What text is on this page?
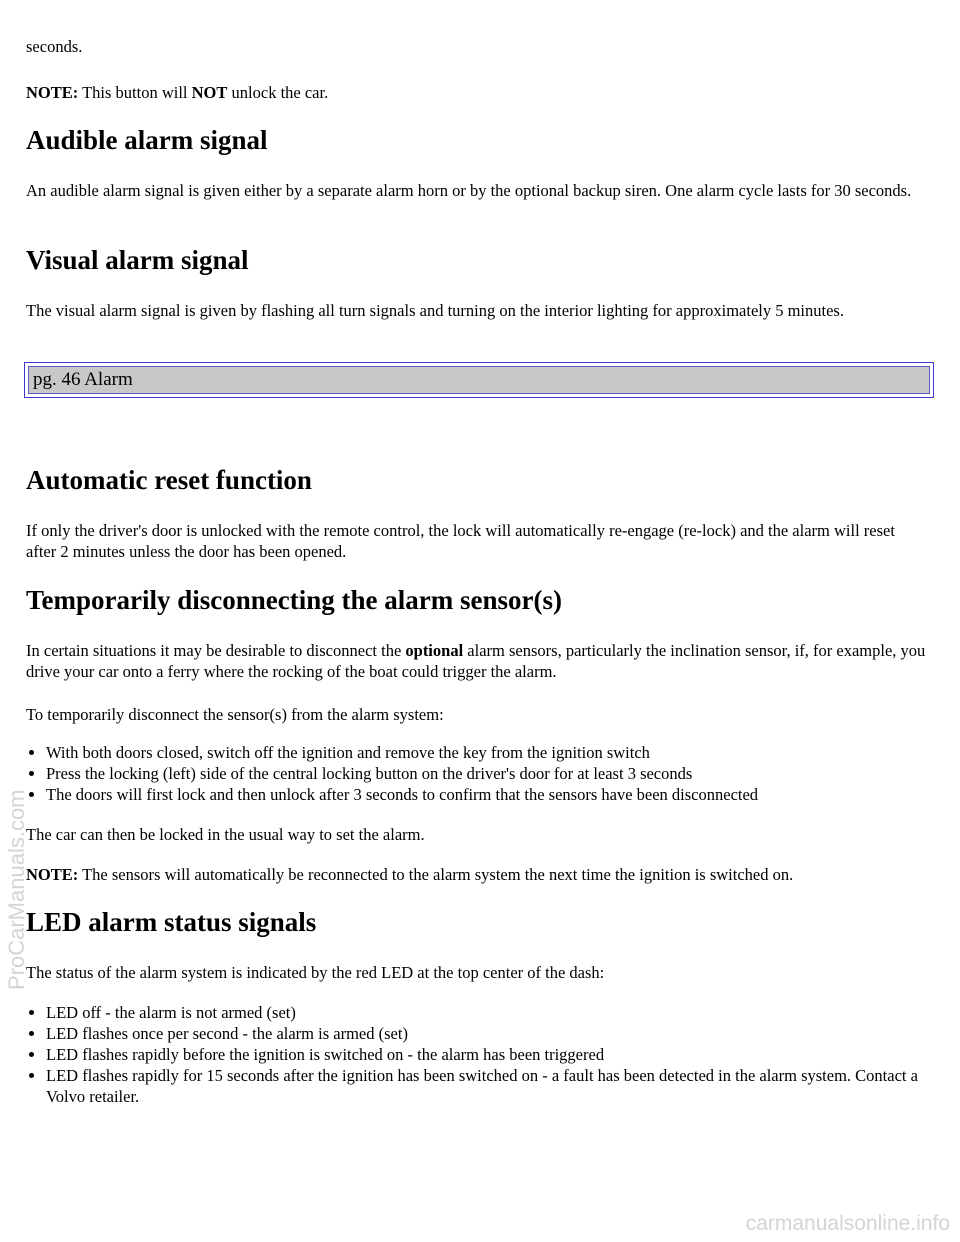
seconds.

NOTE: This button will NOT unlock the car.

Audible alarm signal

An audible alarm signal is given either by a separate alarm horn or by the optional backup siren. One alarm cycle lasts for 30 seconds.

Visual alarm signal

The visual alarm signal is given by flashing all turn signals and turning on the interior lighting for approximately 5 minutes.

Automatic reset function

If only the driver's door is unlocked with the remote control, the lock will automatically re-engage (re-lock) and the alarm will reset after 2 minutes unless the door has been opened.

Temporarily disconnecting the alarm sensor(s)

In certain situations it may be desirable to disconnect the optional alarm sensors, particularly the inclination sensor, if, for example, you drive your car onto a ferry where the rocking of the boat could trigger the alarm.

To temporarily disconnect the sensor(s) from the alarm system:

With both doors closed, switch off the ignition and remove the key from the ignition switch
Press the locking (left) side of the central locking button on the driver's door for at least 3 seconds
The doors will first lock and then unlock after 3 seconds to confirm that the sensors have been disconnected

The car can then be locked in the usual way to set the alarm.

NOTE: The sensors will automatically be reconnected to the alarm system the next time the ignition is switched on.

LED alarm status signals

The status of the alarm system is indicated by the red LED at the top center of the dash:

LED off - the alarm is not armed (set)
LED flashes once per second - the alarm is armed (set)
LED flashes rapidly before the ignition is switched on - the alarm has been triggered
LED flashes rapidly for 15 seconds after the ignition has been switched on - a fault has been detected in the alarm system. Contact a Volvo retailer.
pg. 46 Alarm
ProCarManuals.com
carmanualsonline.info
